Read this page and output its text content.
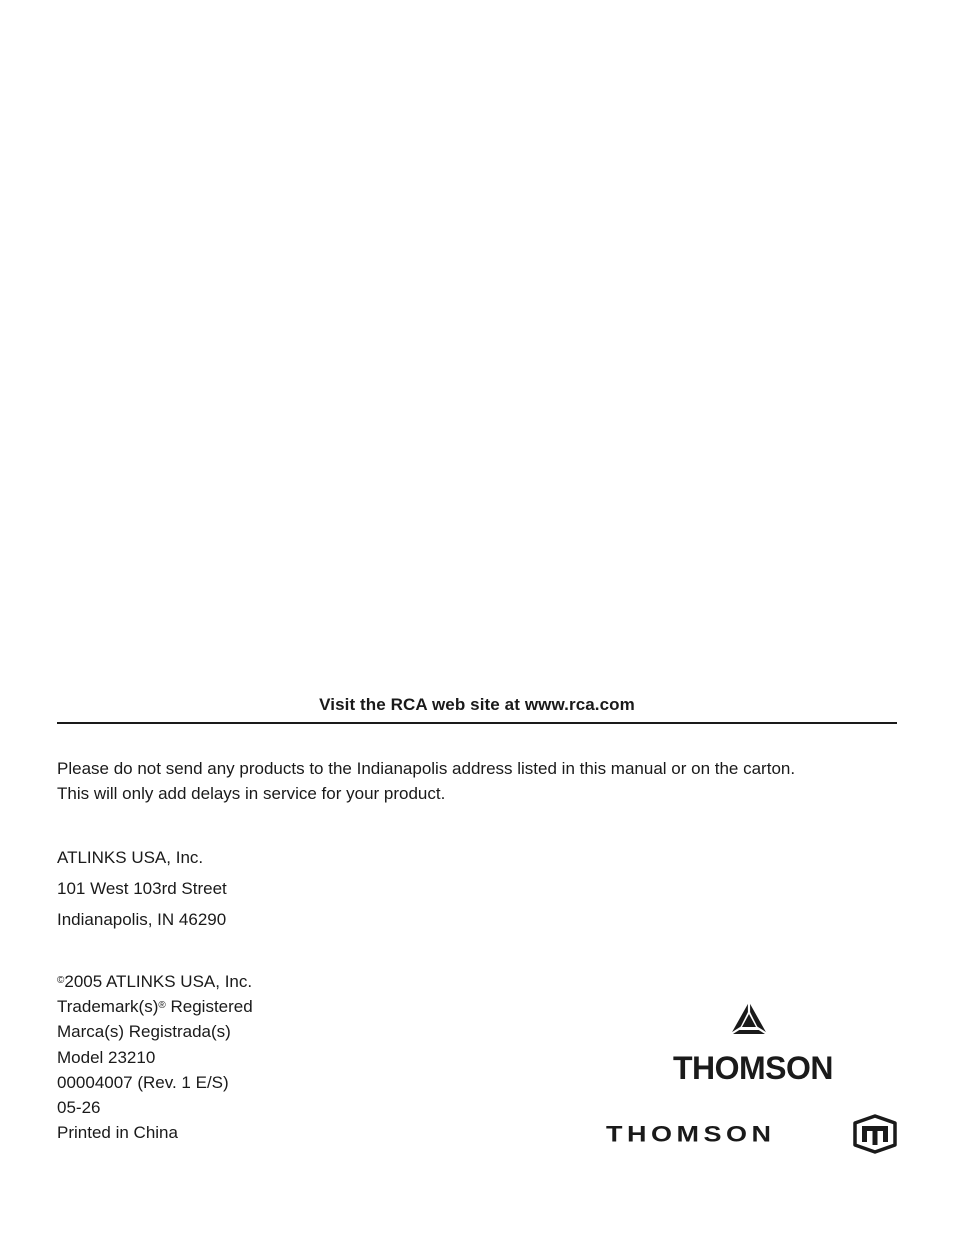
Visit the RCA web site at www.rca.com

Please do not send any products to the Indianapolis address listed in this manual or on the carton.

This will only add delays in service for your product.

ATLINKS USA, Inc.
101 West 103rd Street
Indianapolis, IN 46290
©2005 ATLINKS USA, Inc.
Trademark(s)® Registered
Marca(s) Registrada(s)
Model 23210
00004007 (Rev. 1 E/S)
05-26
Printed in China
THOMSON
THOMSON
